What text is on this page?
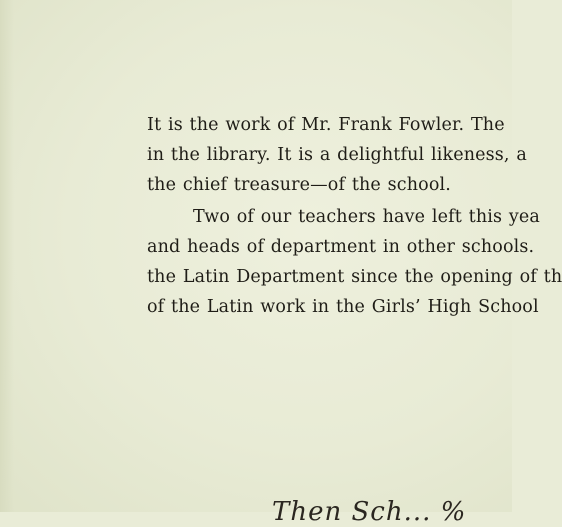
It is the work of Mr. Frank Fowler. The
in the library. It is a delightful likeness, a
the chief treasure—of the school.
Two of our teachers have left this yea
and heads of department in other schools.
the Latin Department since the opening of th
of the Latin work in the Girls’ High School
Then Sch... %
